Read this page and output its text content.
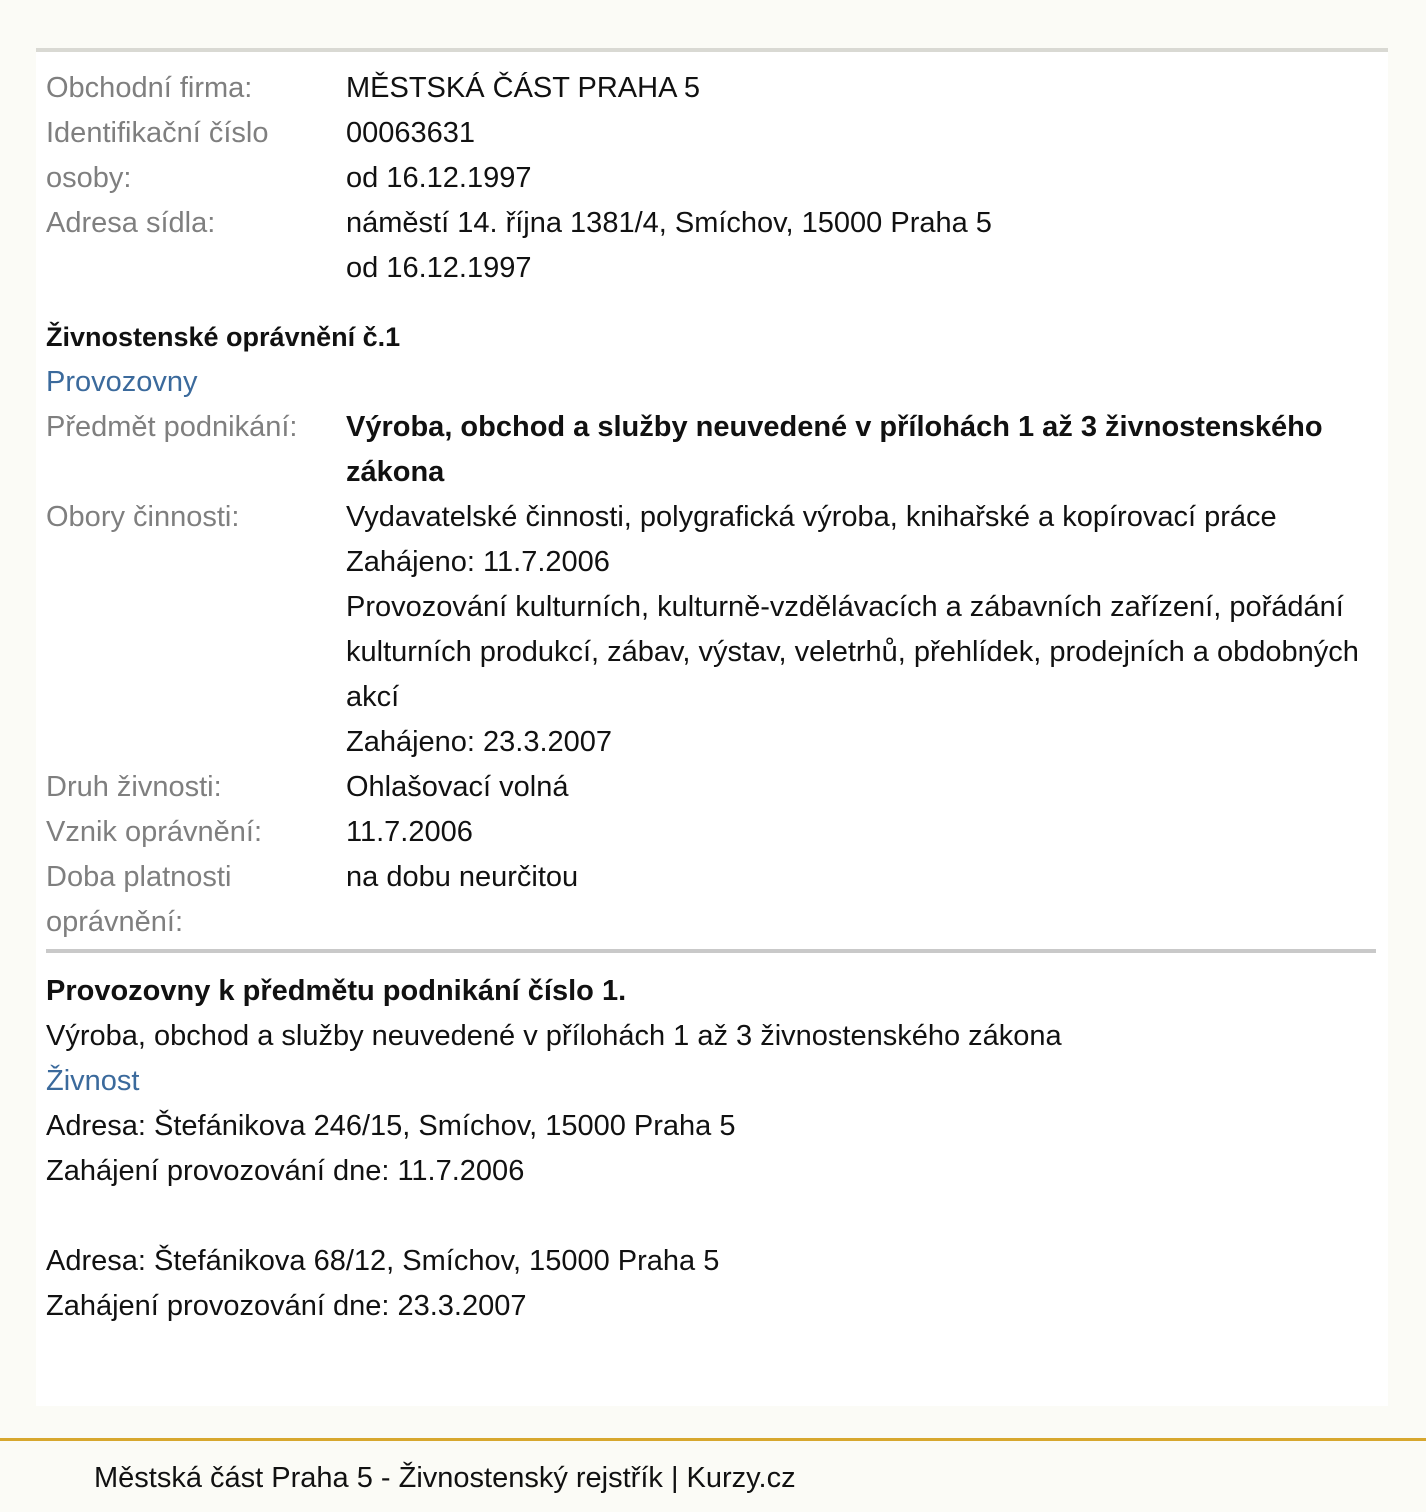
Obchodní firma:	MĚSTSKÁ ČÁST PRAHA 5
Identifikační číslo osoby:
00063631
od 16.12.1997
Adresa sídla:	náměstí 14. října 1381/4, Smíchov, 15000 Praha 5
od 16.12.1997
Živnostenské oprávnění č.1
Provozovny
Předmět podnikání:	Výroba, obchod a služby neuvedené v přílohách 1 až 3 živnostenského zákona
Obory činnosti:	Vydavatelské činnosti, polygrafická výroba, knihařské a kopírovací práce
Zahájeno: 11.7.2006
Provozování kulturních, kulturně-vzdělávacích a zábavních zařízení, pořádání kulturních produkcí, zábav, výstav, veletrhů, přehlídek, prodejních a obdobných akcí
Zahájeno: 23.3.2007
Druh živnosti:	Ohlašovací volná
Vznik oprávnění:	11.7.2006
Doba platnosti oprávnění:
na dobu neurčitou
Provozovny k předmětu podnikání číslo 1.
Výroba, obchod a služby neuvedené v přílohách 1 až 3 živnostenského zákona
Živnost
Adresa: Štefánikova 246/15, Smíchov, 15000 Praha 5
Zahájení provozování dne: 11.7.2006
Adresa: Štefánikova 68/12, Smíchov, 15000 Praha 5
Zahájení provozování dne: 23.3.2007
Městská část Praha 5 - Živnostenský rejstřík | Kurzy.cz
